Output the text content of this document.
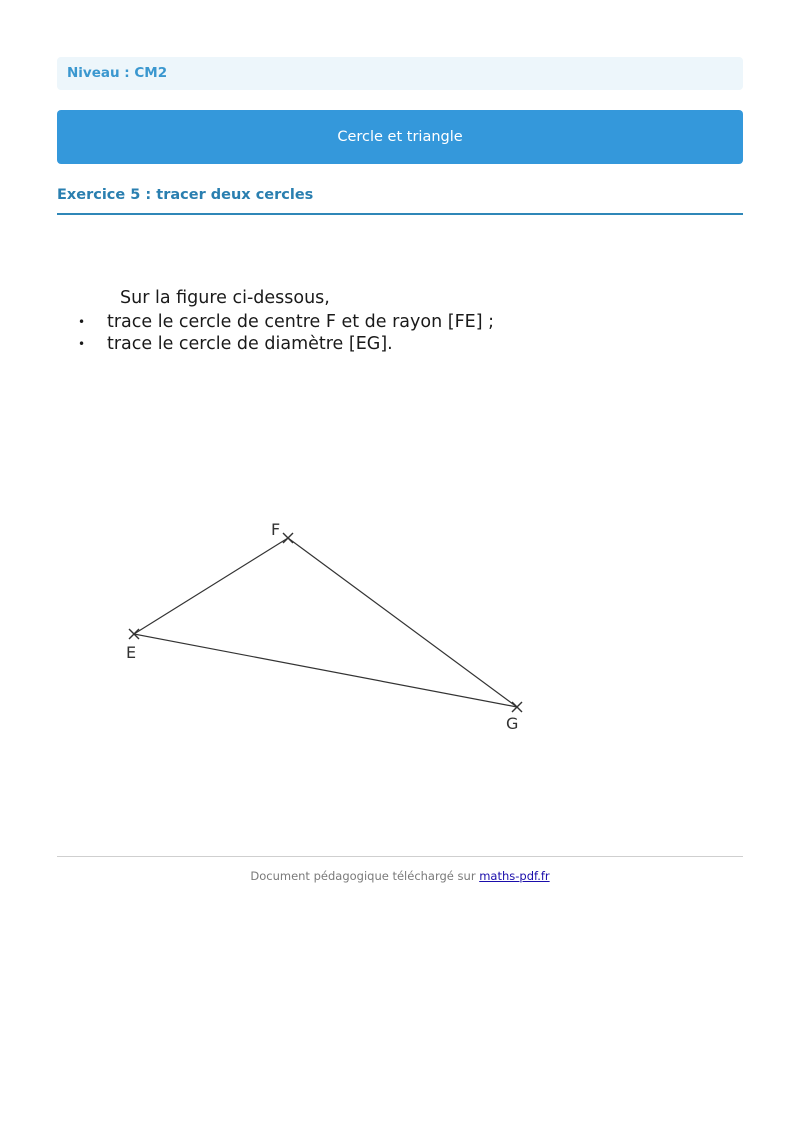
Niveau : CM2
Cercle et triangle
Exercice 5 : tracer deux cercles
Sur la figure ci-dessous,
• trace le cercle de centre F et de rayon [FE] ;
• trace le cercle de diamètre [EG].
F
E
G
Document pédagogique téléchargé sur maths-pdf.fr
